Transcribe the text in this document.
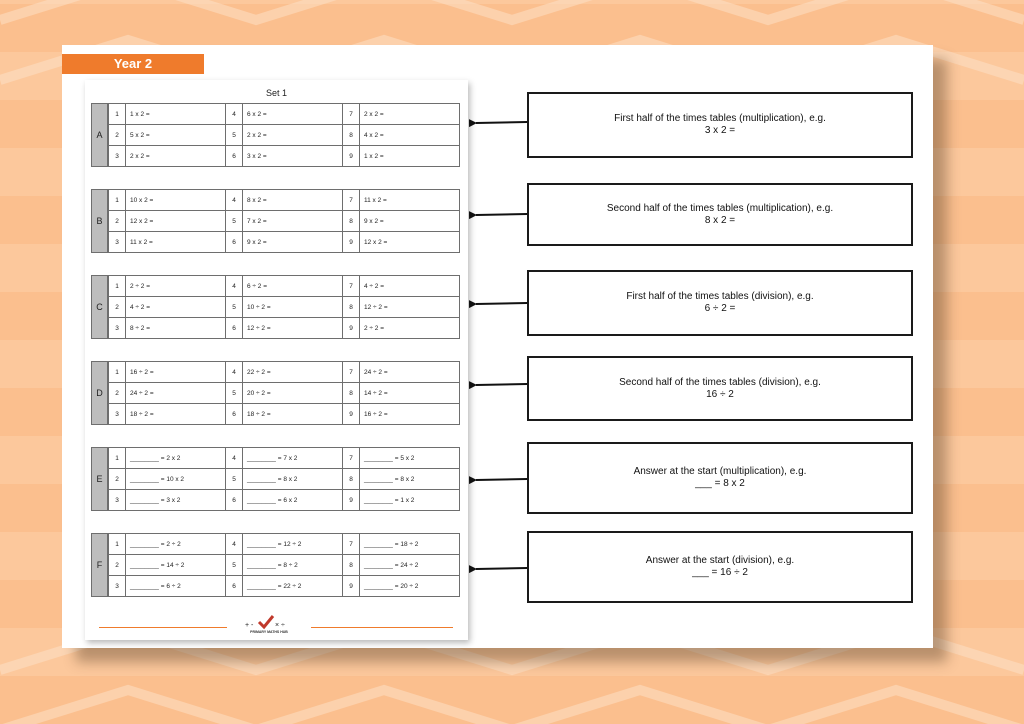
Year 2
Set 1
A
1	1 x 2 =	4	6 x 2 =	7	2 x 2 =
2	5 x 2 =	5	2 x 2 =	8	4 x 2 =
3	2 x 2 =	6	3 x 2 =	9	1 x 2 =
B
1	10 x 2 =	4	8 x 2 =	7	11 x 2 =
2	12 x 2 =	5	7 x 2 =	8	9 x 2 =
3	11 x 2 =	6	9 x 2 =	9	12 x 2 =
C
1	2 ÷ 2 =	4	6 ÷ 2 =	7	4 ÷ 2 =
2	4 ÷ 2 =	5	10 ÷ 2 =	8	12 ÷ 2 =
3	8 ÷ 2 =	6	12 ÷ 2 =	9	2 ÷ 2 =
D
1	16 ÷ 2 =	4	22 ÷ 2 =	7	24 ÷ 2 =
2	24 ÷ 2 =	5	20 ÷ 2 =	8	14 ÷ 2 =
3	18 ÷ 2 =	6	18 ÷ 2 =	9	16 ÷ 2 =
E
1	________ = 2 x 2	4	________ = 7 x 2	7	________ = 5 x 2
2	________ = 10 x 2	5	________ = 8 x 2	8	________ = 8 x 2
3	________ = 3 x 2	6	________ = 6 x 2	9	________ = 1 x 2
F
1	________ = 2 ÷ 2	4	________ = 12 ÷ 2	7	________ = 18 ÷ 2
2	________ = 14 ÷ 2	5	________ = 8 ÷ 2	8	________ = 24 ÷ 2
3	________ = 6 ÷ 2	6	________ = 22 ÷ 2	9	________ = 20 ÷ 2
+ -	× ÷
PRIMARY MATHS HUB
First half of the times tables (multiplication), e.g.
3 x 2 =
Second half of the times tables (multiplication), e.g.
8 x 2 =
First half of the times tables (division), e.g.
6 ÷ 2 =
Second half of the times tables (division), e.g.
16 ÷ 2
Answer at the start (multiplication), e.g.
___ = 8 x 2
Answer at the start (division), e.g.
___ = 16 ÷ 2
